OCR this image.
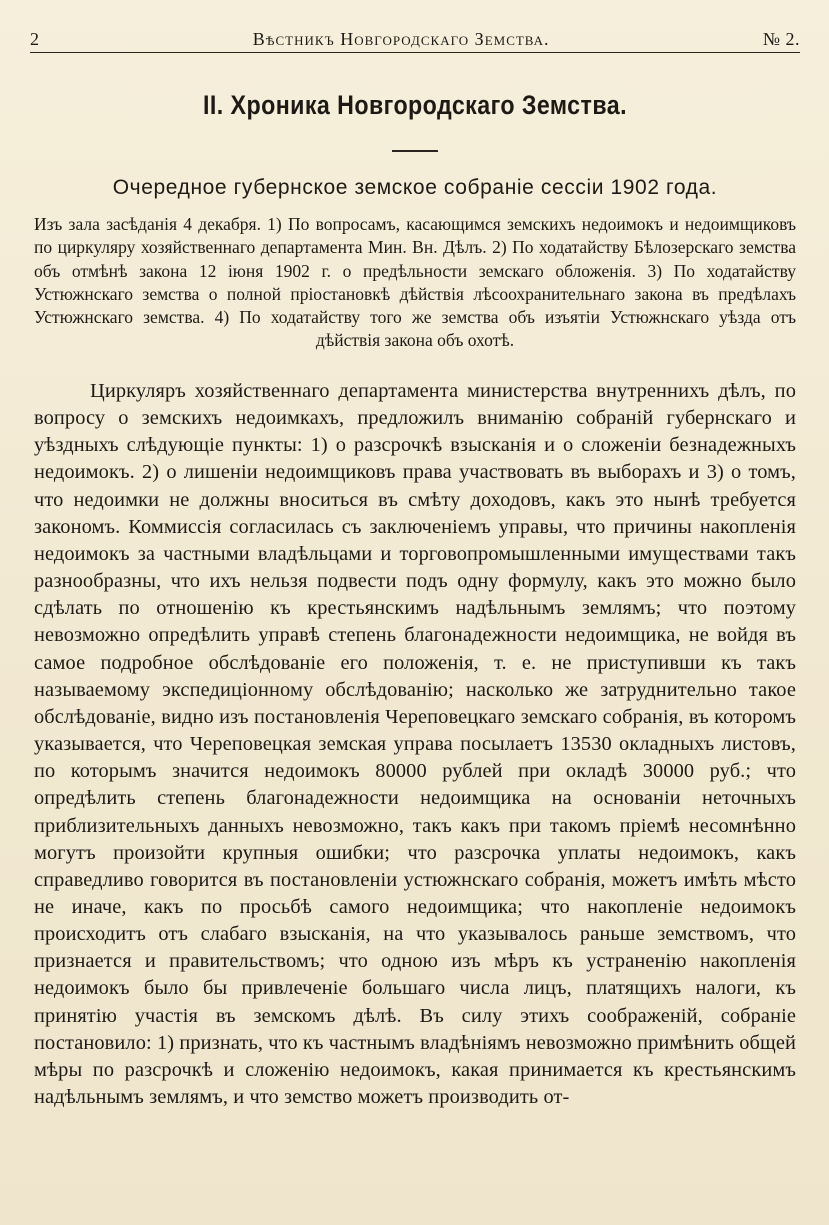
2	Вѣстникъ Новгородскаго Земства.	№ 2.
II. Хроника Новгородскаго Земства.
Очередное губернское земское собраніе сессіи 1902 года.
Изъ зала засѣданія 4 декабря. 1) По вопросамъ, касающимся земскихъ недоимокъ и недоимщиковъ по циркуляру хозяйственнаго департамента Мин. Вн. Дѣлъ. 2) По ходатайству Бѣлозерскаго земства объ отмѣнѣ закона 12 іюня 1902 г. о предѣльности земскаго обложенія. 3) По ходатайству Устюжнскаго земства о полной пріостановкѣ дѣйствія лѣсоохранительнаго закона въ предѣлахъ Устюжнскаго земства. 4) По ходатайству того же земства объ изъятіи Устюжнскаго уѣзда отъ дѣйствія закона объ охотѣ.
Циркуляръ хозяйственнаго департамента министерства внутреннихъ дѣлъ, по вопросу о земскихъ недоимкахъ, предложилъ вниманію собраній губернскаго и уѣздныхъ слѣдующіе пункты: 1) о разсрочкѣ взысканія и о сложеніи безнадежныхъ недоимокъ. 2) о лишеніи недоимщиковъ права участвовать въ выборахъ и 3) о томъ, что недоимки не должны вноситься въ смѣту доходовъ, какъ это нынѣ требуется закономъ. Коммиссія согласилась съ заключеніемъ управы, что причины накопленія недоимокъ за частными владѣльцами и торговопромышленными имуществами такъ разнообразны, что ихъ нельзя подвести подъ одну формулу, какъ это можно было сдѣлать по отношенію къ крестьянскимъ надѣльнымъ землямъ; что поэтому невозможно опредѣлить управѣ степень благонадежности недоимщика, не войдя въ самое подробное обслѣдованіе его положенія, т. е. не приступивши къ такъ называемому экспедиціонному обслѣдованію; насколько же затруднительно такое обслѣдованіе, видно изъ постановленія Череповецкаго земскаго собранія, въ которомъ указывается, что Череповецкая земская управа посылаетъ 13530 окладныхъ листовъ, по которымъ значится недоимокъ 80000 рублей при окладѣ 30000 руб.; что опредѣлить степень благонадежности недоимщика на основаніи неточныхъ приблизительныхъ данныхъ невозможно, такъ какъ при такомъ пріемѣ несомнѣнно могутъ произойти крупныя ошибки; что разсрочка уплаты недоимокъ, какъ справедливо говорится въ постановленіи устюжнскаго собранія, можетъ имѣть мѣсто не иначе, какъ по просьбѣ самого недоимщика; что накопленіе недоимокъ происходитъ отъ слабаго взысканія, на что указывалось раньше земствомъ, что признается и правительствомъ; что одною изъ мѣръ къ устраненію накопленія недоимокъ было бы привлеченіе большаго числа лицъ, платящихъ налоги, къ принятію участія въ земскомъ дѣлѣ. Въ силу этихъ соображеній, собраніе постановило: 1) признать, что къ частнымъ владѣніямъ невозможно примѣнить общей мѣры по разсрочкѣ и сложенію недоимокъ, какая принимается къ крестьянскимъ надѣльнымъ землямъ, и что земство можетъ производить от-
